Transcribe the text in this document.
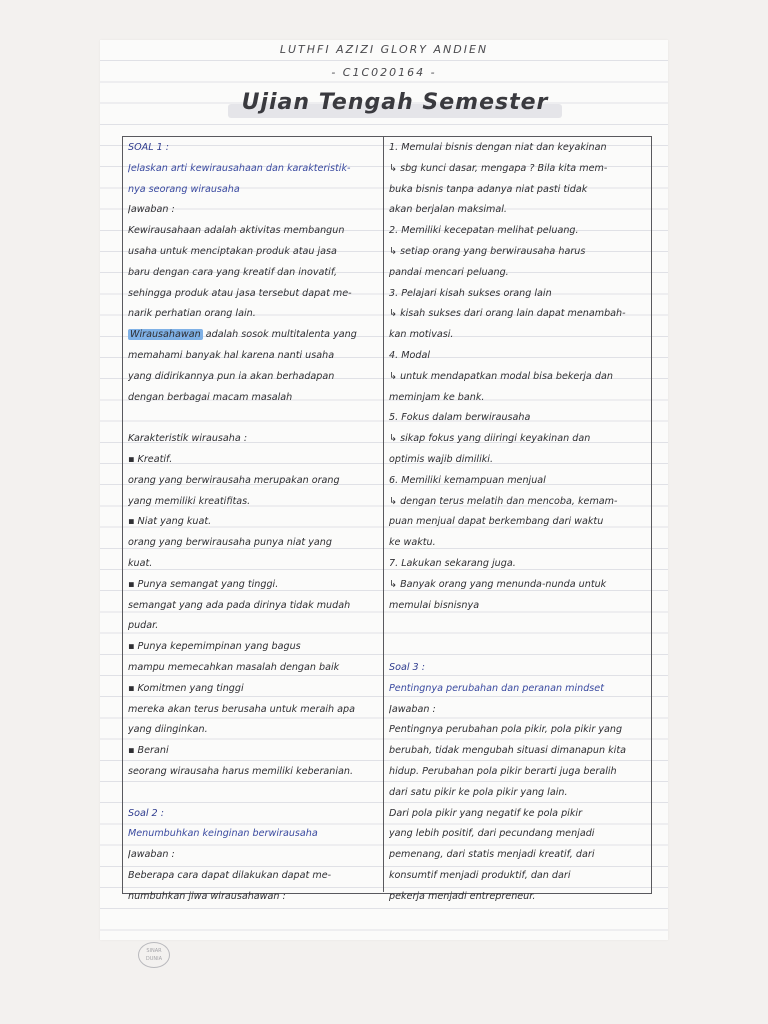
LUTHFI AZIZI GLORY ANDIEN
- C1C020164 -
Ujian Tengah Semester
SOAL 1 :
Jelaskan arti kewirausahaan dan karakteristik-
nya seorang wirausaha
Jawaban :
Kewirausahaan adalah aktivitas membangun
usaha untuk menciptakan produk atau jasa
baru dengan cara yang kreatif dan inovatif,
sehingga produk atau jasa tersebut dapat me-
narik perhatian orang lain.
Wirausahawan adalah sosok multitalenta yang
memahami banyak hal karena nanti usaha
yang didirikannya pun ia akan berhadapan
dengan berbagai macam masalah
Karakteristik wirausaha :
▪ Kreatif.
orang yang berwirausaha merupakan orang
yang memiliki kreatifitas.
▪ Niat yang kuat.
orang yang berwirausaha punya niat yang
kuat.
▪ Punya semangat yang tinggi.
semangat yang ada pada dirinya tidak mudah
pudar.
▪ Punya kepemimpinan yang bagus
mampu memecahkan masalah dengan baik
▪ Komitmen yang tinggi
mereka akan terus berusaha untuk meraih apa
yang diinginkan.
▪ Berani
seorang wirausaha harus memiliki keberanian.
Soal 2 :
Menumbuhkan keinginan berwirausaha
Jawaban :
Beberapa cara dapat dilakukan dapat me-
numbuhkan jiwa wirausahawan :
1. Memulai bisnis dengan niat dan keyakinan
↳ sbg kunci dasar, mengapa ? Bila kita mem-
buka bisnis tanpa adanya niat pasti tidak
akan berjalan maksimal.
2. Memiliki kecepatan melihat peluang.
↳ setiap orang yang berwirausaha harus
pandai mencari peluang.
3. Pelajari kisah sukses orang lain
↳ kisah sukses dari orang lain dapat menambah-
kan motivasi.
4. Modal
↳ untuk mendapatkan modal bisa bekerja dan
meminjam ke bank.
5. Fokus dalam berwirausaha
↳ sikap fokus yang diiringi keyakinan dan
optimis wajib dimiliki.
6. Memiliki kemampuan menjual
↳ dengan terus melatih dan mencoba, kemam-
puan menjual dapat berkembang dari waktu
ke waktu.
7. Lakukan sekarang juga.
↳ Banyak orang yang menunda-nunda untuk
memulai bisnisnya
Soal 3 :
Pentingnya perubahan dan peranan mindset
Jawaban :
Pentingnya perubahan pola pikir, pola pikir yang
berubah, tidak mengubah situasi dimanapun kita
hidup. Perubahan pola pikir berarti juga beralih
dari satu pikir ke pola pikir yang lain.
Dari pola pikir yang negatif ke pola pikir
yang lebih positif, dari pecundang menjadi
pemenang, dari statis menjadi kreatif, dari
konsumtif menjadi produktif, dan dari
pekerja menjadi entrepreneur.
SINAR
DUNIA
